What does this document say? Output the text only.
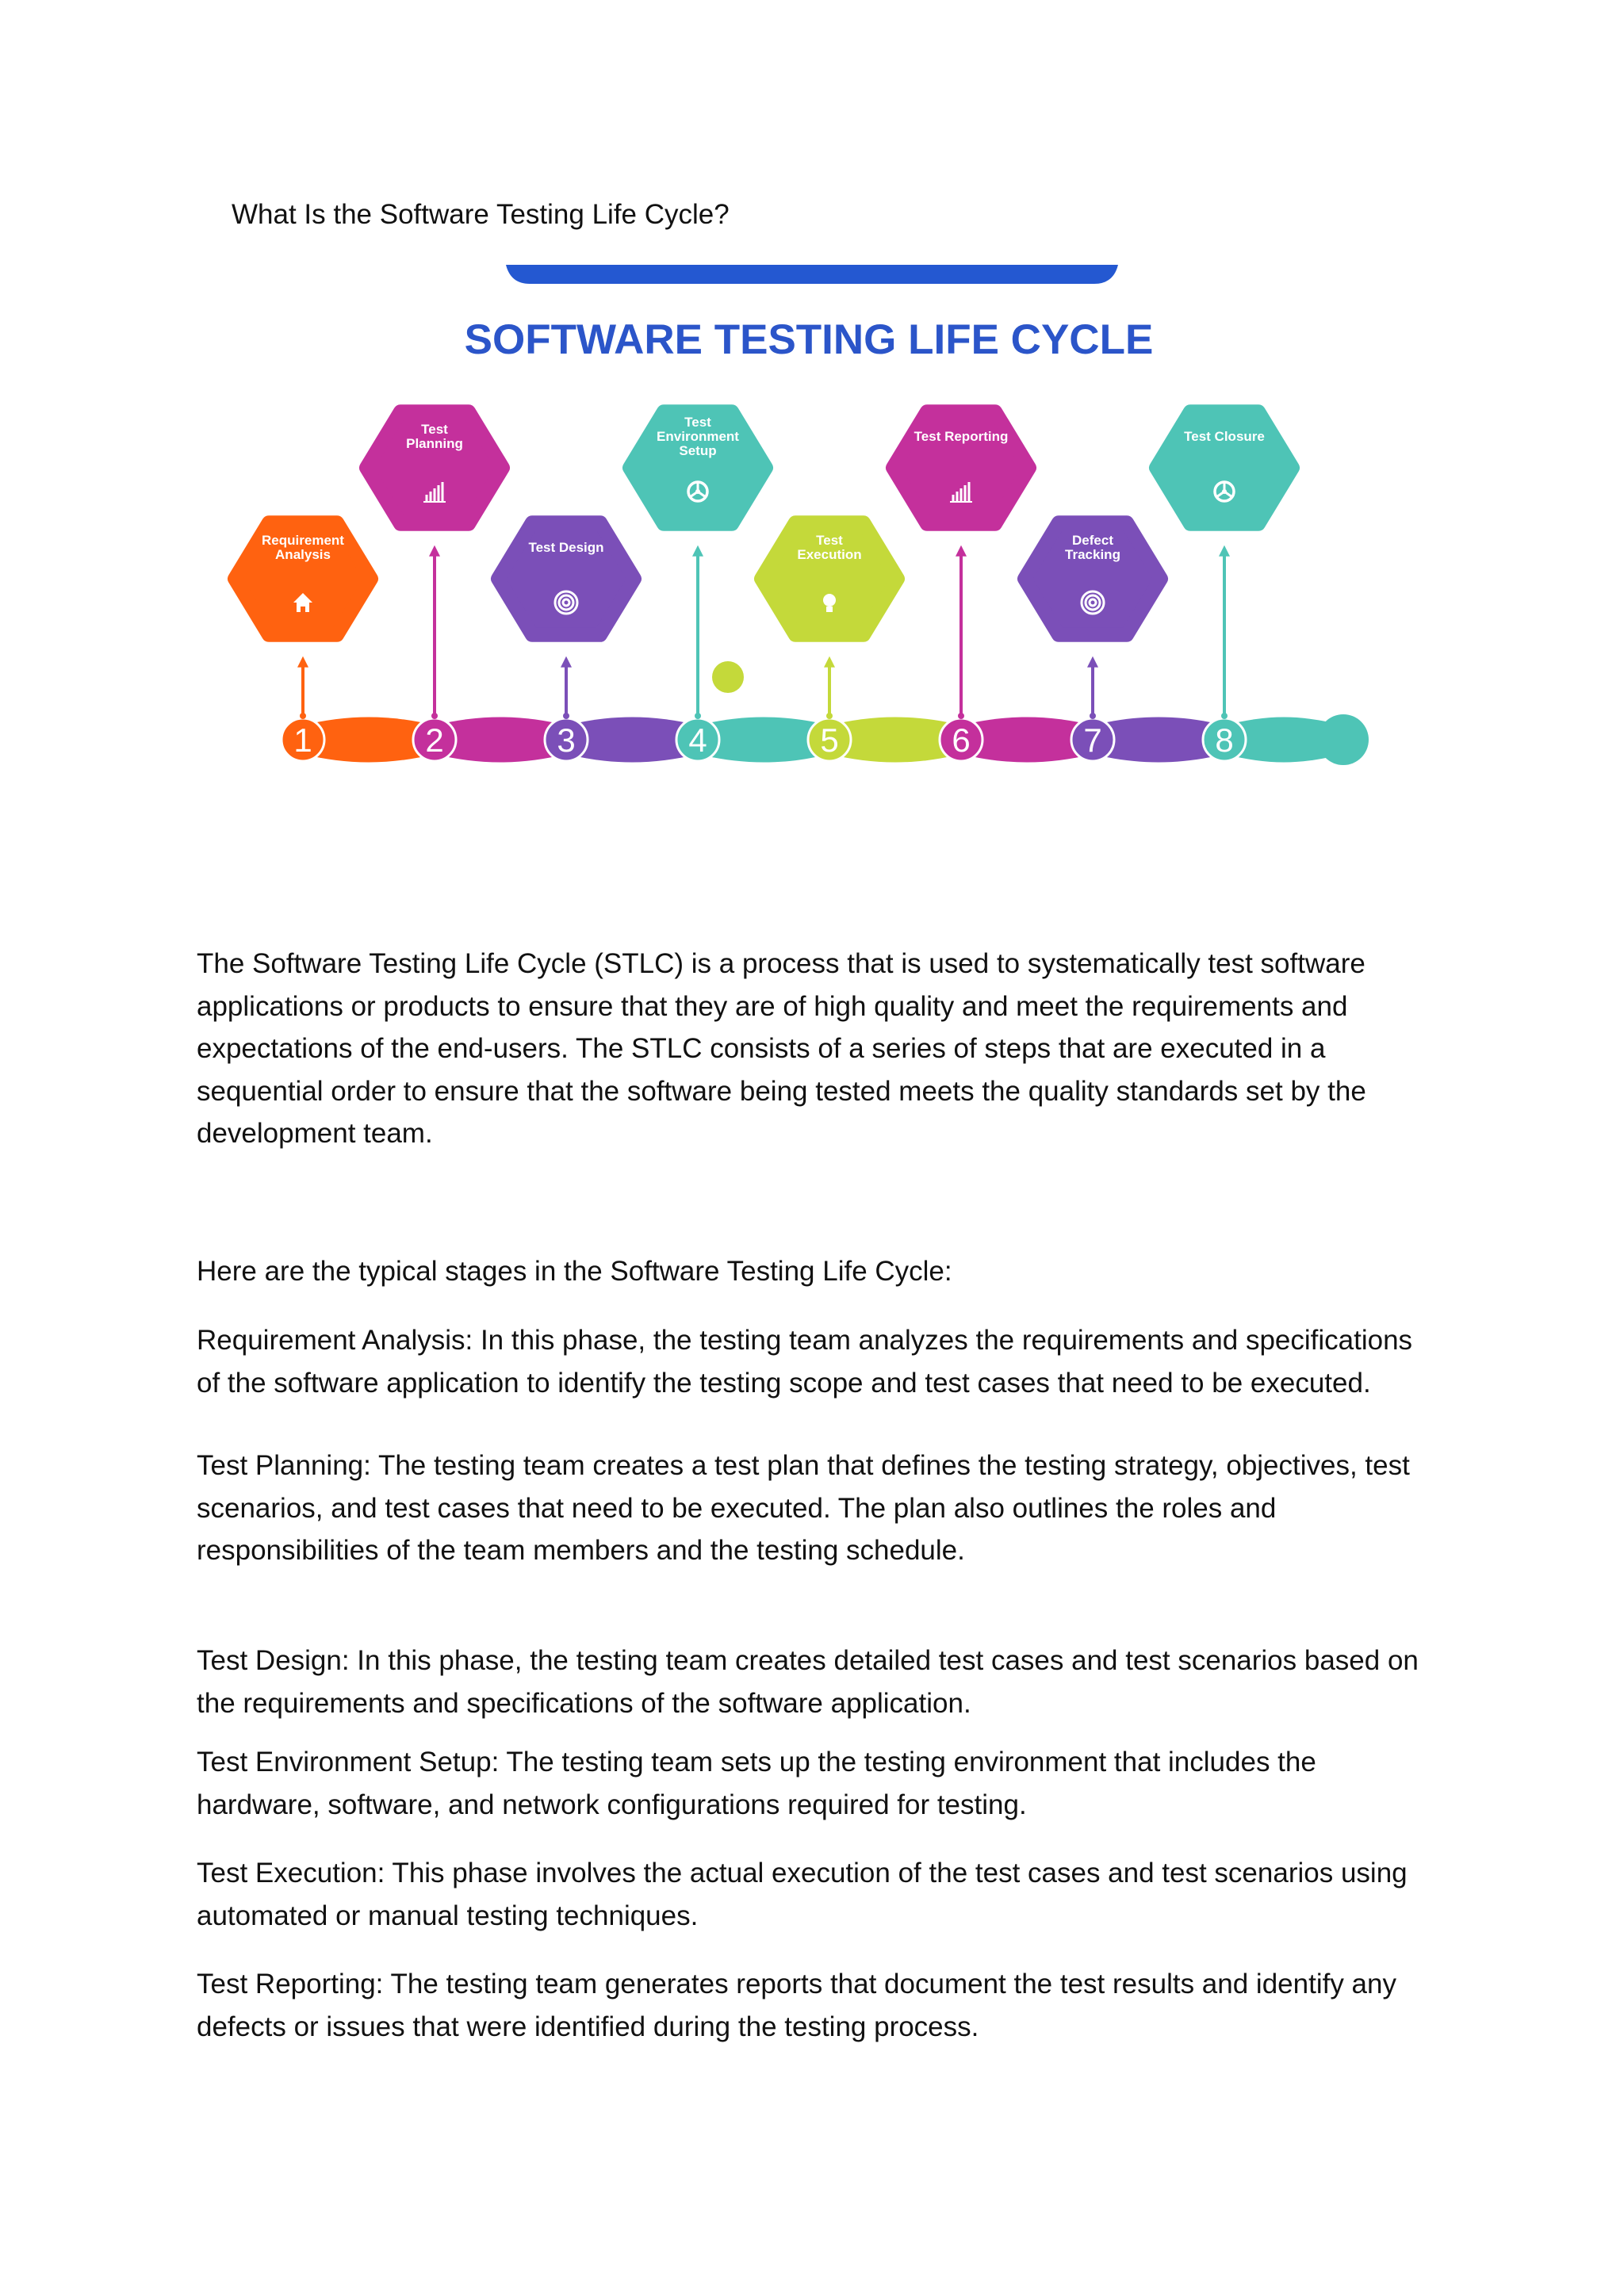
What Is the Software Testing Life Cycle?
SOFTWARE TESTING LIFE CYCLE
1	2	3	4	5	6	7	8
Requirement
Analysis
Test
Planning
Test Design
Test
Environment
Setup
Test
Execution
Test Reporting
Defect
Tracking
Test Closure

The Software Testing Life Cycle (STLC) is a process that is used to systematically test software applications or products to ensure that they are of high quality and meet the requirements and expectations of the end-users. The STLC consists of a series of steps that are executed in a sequential order to ensure that the software being tested meets the quality standards set by the development team.

Here are the typical stages in the Software Testing Life Cycle:

Requirement Analysis: In this phase, the testing team analyzes the requirements and specifications of the software application to identify the testing scope and test cases that need to be executed.

Test Planning: The testing team creates a test plan that defines the testing strategy, objectives, test scenarios, and test cases that need to be executed. The plan also outlines the roles and responsibilities of the team members and the testing schedule.

Test Design: In this phase, the testing team creates detailed test cases and test scenarios based on the requirements and specifications of the software application.

Test Environment Setup: The testing team sets up the testing environment that includes the hardware, software, and network configurations required for testing.

Test Execution: This phase involves the actual execution of the test cases and test scenarios using automated or manual testing techniques.

Test Reporting: The testing team generates reports that document the test results and identify any defects or issues that were identified during the testing process.
